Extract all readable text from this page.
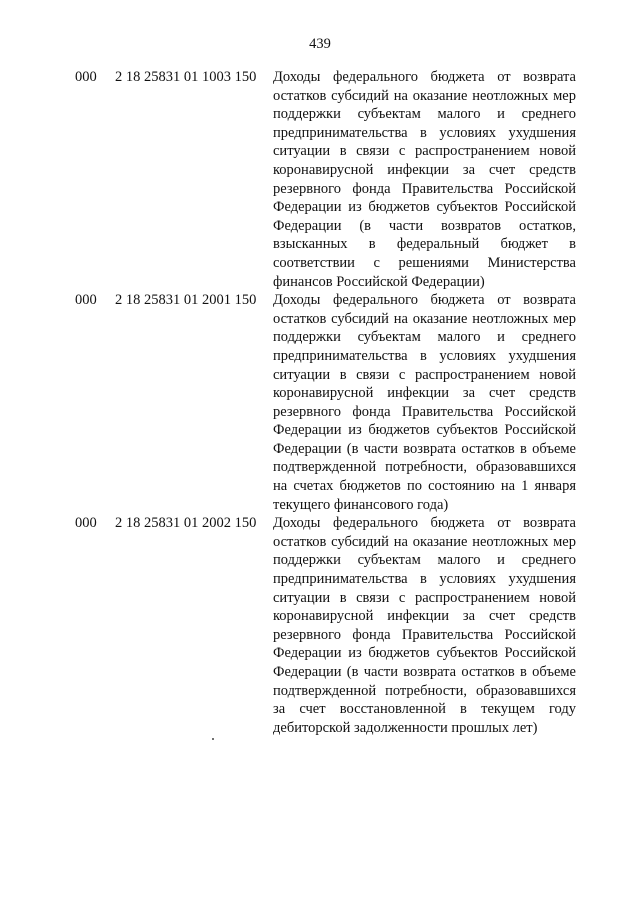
439
000	2 18 25831 01 1003 150	Доходы федерального бюджета от возврата остатков субсидий на оказание неотложных мер поддержки субъектам малого и среднего предпринимательства в условиях ухудшения ситуации в связи с распространением новой коронавирусной инфекции за счет средств резервного фонда Правительства Российской Федерации из бюджетов субъектов Российской Федерации (в части возвратов остатков, взысканных в федеральный бюджет в соответствии с решениями Министерства финансов Российской Федерации)
000	2 18 25831 01 2001 150	Доходы федерального бюджета от возврата остатков субсидий на оказание неотложных мер поддержки субъектам малого и среднего предпринимательства в условиях ухудшения ситуации в связи с распространением новой коронавирусной инфекции за счет средств резервного фонда Правительства Российской Федерации из бюджетов субъектов Российской Федерации (в части возврата остатков в объеме подтвержденной потребности, образовавшихся на счетах бюджетов по состоянию на 1 января текущего финансового года)
000	2 18 25831 01 2002 150	Доходы федерального бюджета от возврата остатков субсидий на оказание неотложных мер поддержки субъектам малого и среднего предпринимательства в условиях ухудшения ситуации в связи с распространением новой коронавирусной инфекции за счет средств резервного фонда Правительства Российской Федерации из бюджетов субъектов Российской Федерации (в части возврата остатков в объеме подтвержденной потребности, образовавшихся за счет восстановленной в текущем году дебиторской задолженности прошлых лет)
